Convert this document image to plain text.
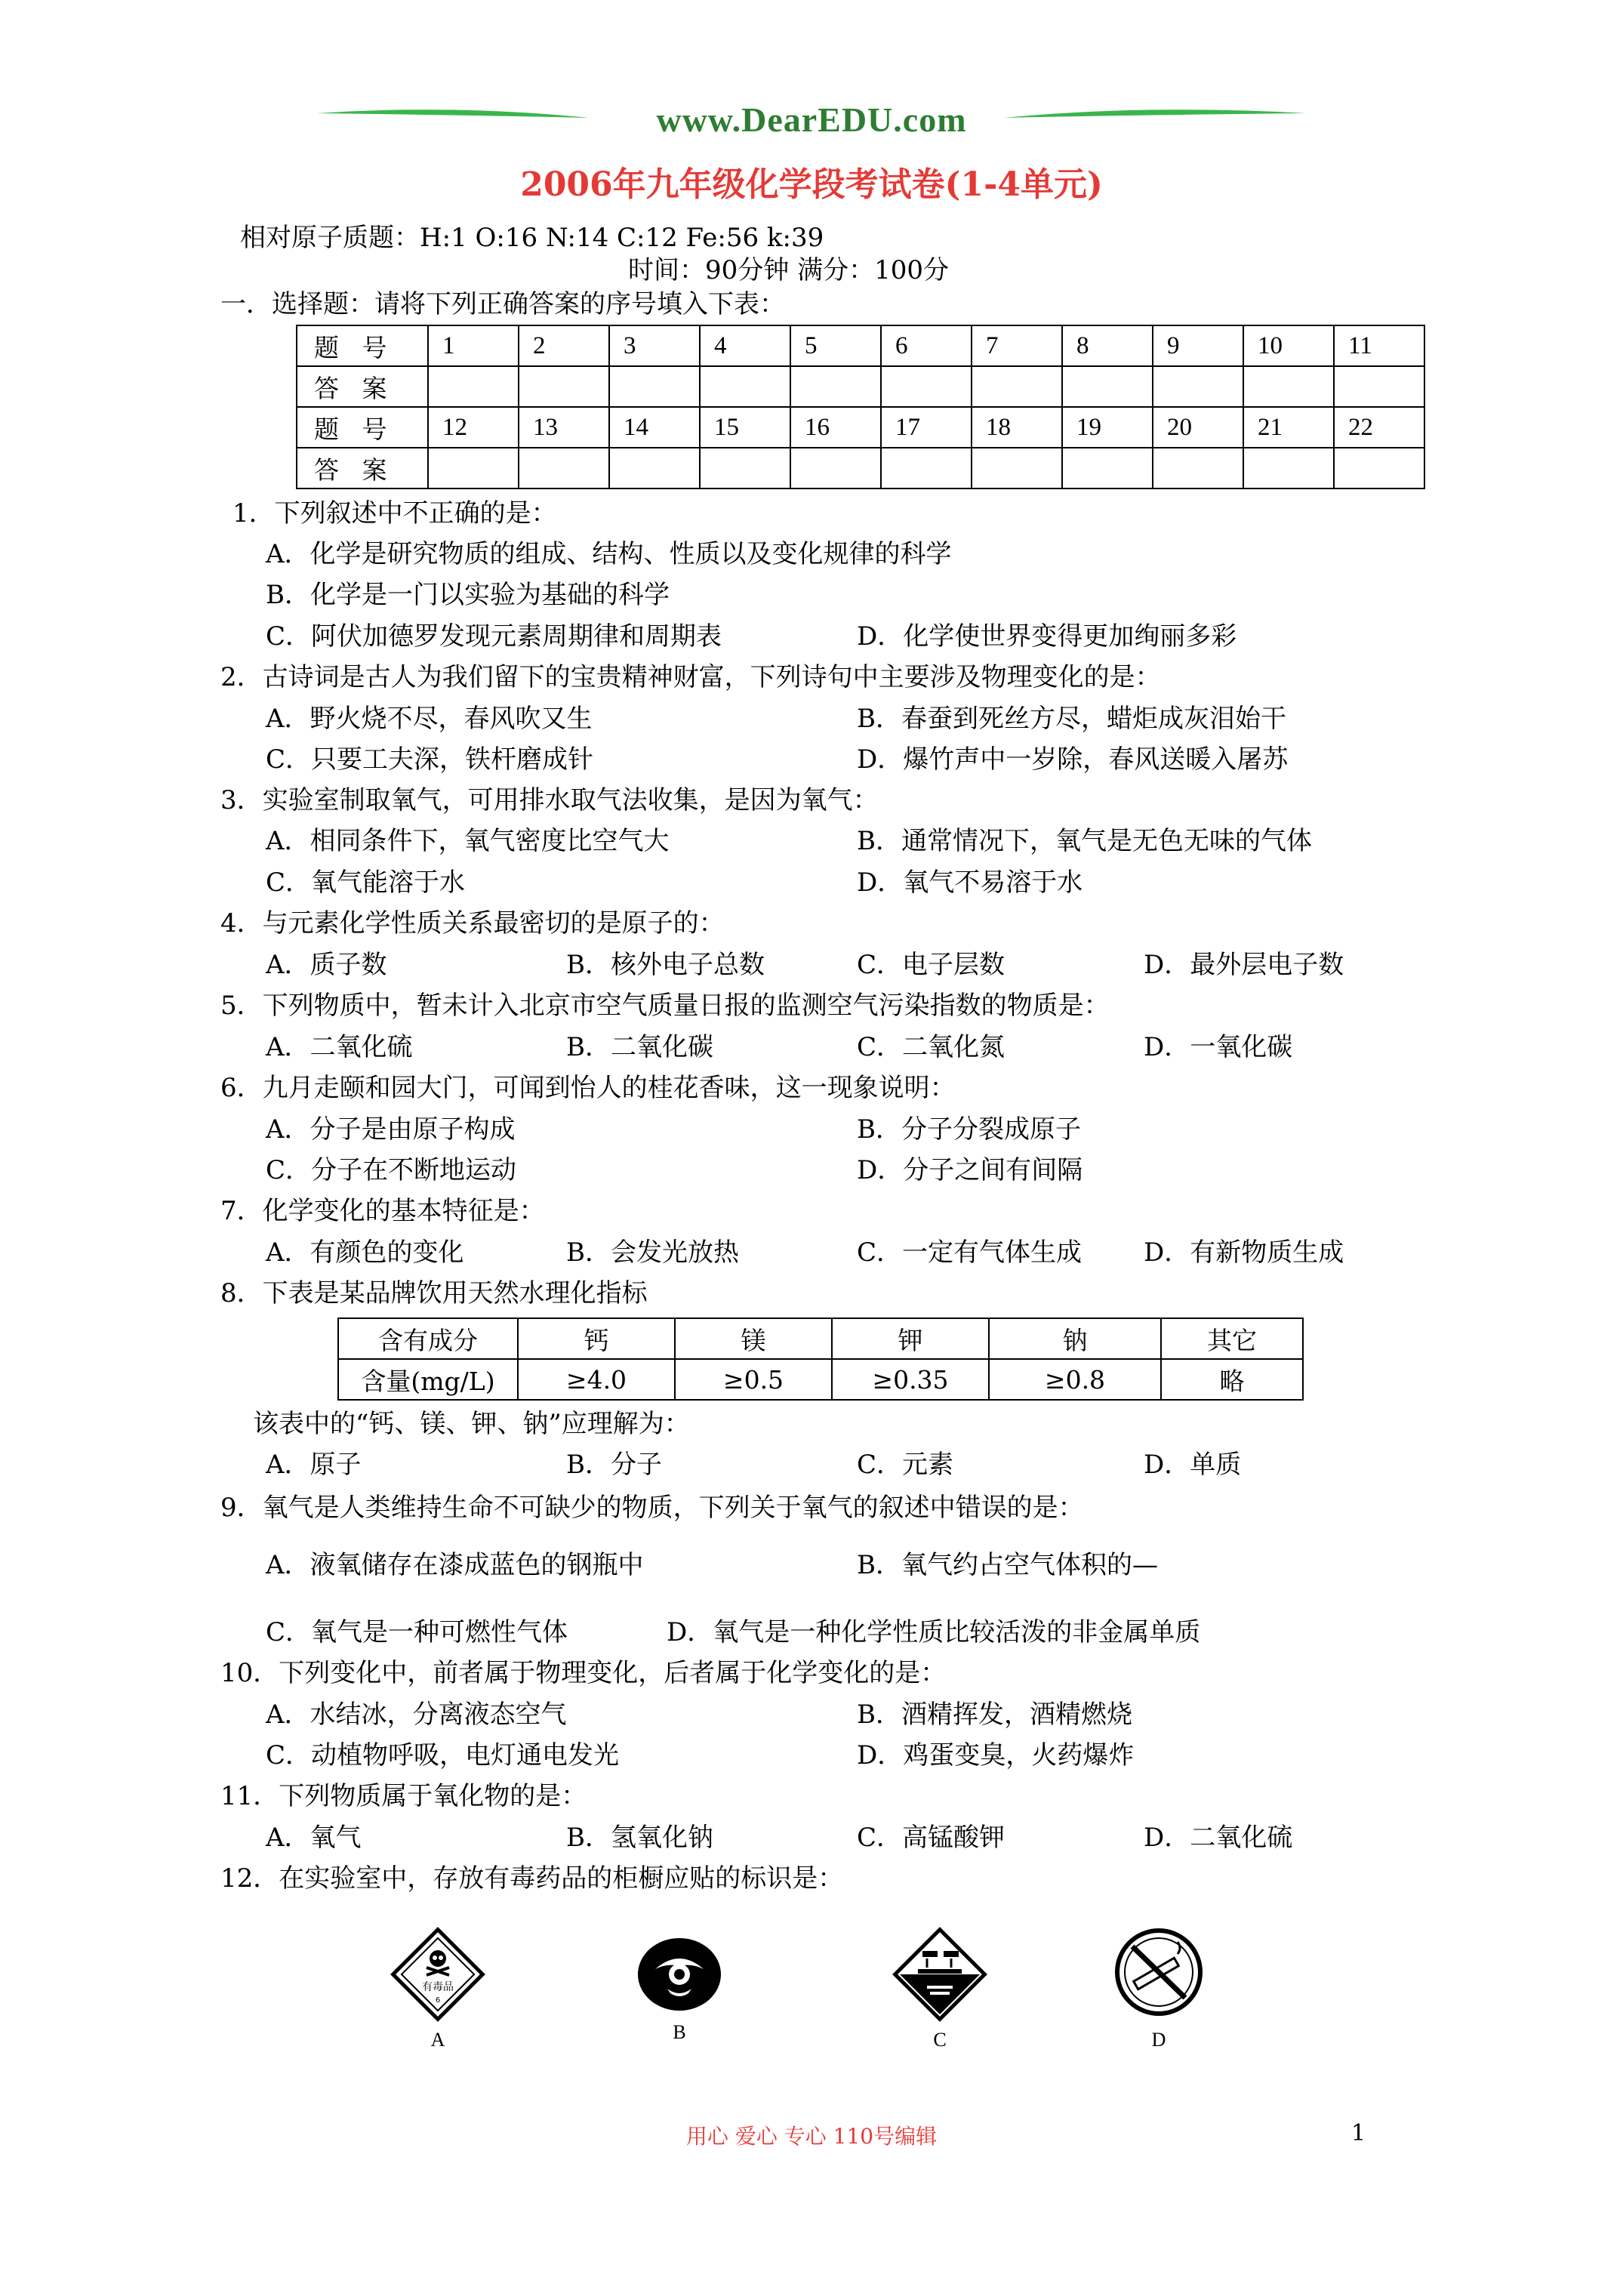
www.DearEDU.com
2006年九年级化学段考试卷(1-4单元)
相对原子质题：H:1 O:16 N:14 C:12 Fe:56 k:39
时间：90分钟 满分：100分
一．选择题：请将下列正确答案的序号填入下表：
题 号	1	2	3	4	5	6	7	8	9	10	11
答 案											
题 号	12	13	14	15	16	17	18	19	20	21	22
答 案											
1．下列叙述中不正确的是：
A．化学是研究物质的组成、结构、性质以及变化规律的科学
B．化学是一门以实验为基础的科学
C．阿伏加德罗发现元素周期律和周期表	D．化学使世界变得更加绚丽多彩
2．古诗词是古人为我们留下的宝贵精神财富，下列诗句中主要涉及物理变化的是：
A．野火烧不尽，春风吹又生	B．春蚕到死丝方尽，蜡炬成灰泪始干
C．只要工夫深，铁杆磨成针	D．爆竹声中一岁除，春风送暖入屠苏
3．实验室制取氧气，可用排水取气法收集，是因为氧气：
A．相同条件下，氧气密度比空气大	B．通常情况下，氧气是无色无味的气体
C．氧气能溶于水	D．氧气不易溶于水
4．与元素化学性质关系最密切的是原子的：
A．质子数	B．核外电子总数	C．电子层数	D．最外层电子数
5．下列物质中，暂未计入北京市空气质量日报的监测空气污染指数的物质是：
A．二氧化硫	B．二氧化碳	C．二氧化氮	D．一氧化碳
6．九月走颐和园大门，可闻到怡人的桂花香味，这一现象说明：
A．分子是由原子构成	B．分子分裂成原子
C．分子在不断地运动	D．分子之间有间隔
7．化学变化的基本特征是：
A．有颜色的变化	B．会发光放热	C．一定有气体生成 D．有新物质生成
8．下表是某品牌饮用天然水理化指标
含有成分	钙	镁	钾	钠	其它
含量(mg/L)	≥4.0	≥0.5	≥0.35	≥0.8	略
该表中的“钙、镁、钾、钠”应理解为：
A．原子	B．分子	C．元素	D．单质
9．氧气是人类维持生命不可缺少的物质，下列关于氧气的叙述中错误的是：
A．液氧储存在漆成蓝色的钢瓶中	B．氧气约占空气体积的—
C．氧气是一种可燃性气体	D．氧气是一种化学性质比较活泼的非金属单质
10．下列变化中，前者属于物理变化，后者属于化学变化的是：
A．水结冰，分离液态空气	B．酒精挥发，酒精燃烧
C．动植物呼吸，电灯通电发光	D．鸡蛋变臭，火药爆炸
11．下列物质属于氧化物的是：
A．氧气	B．氢氧化钠	C．高锰酸钾	D．二氧化硫
12．在实验室中，存放有毒药品的柜橱应贴的标识是：
有毒品
6
A	B	C	D
用心 爱心 专心 110号编辑	1
